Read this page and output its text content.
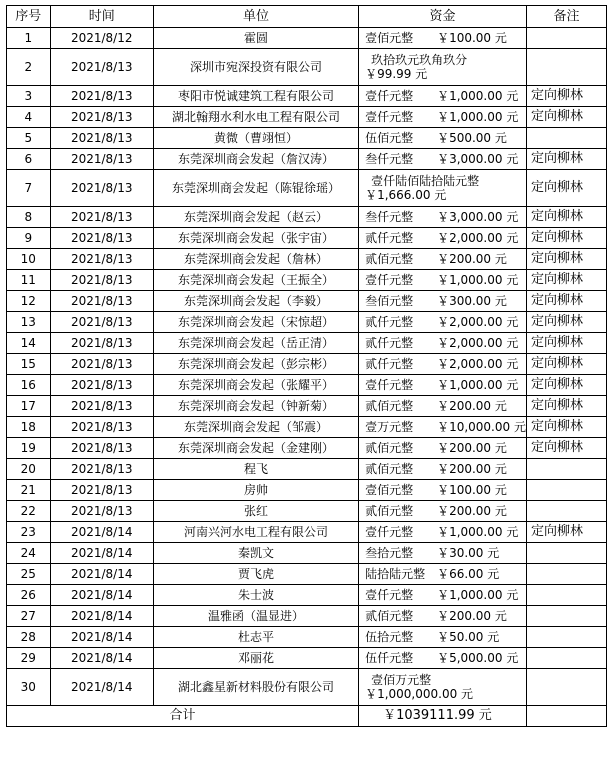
序号	时间	单位	资金	备注
1	2021/8/12	霍圆	壹佰元整 ￥100.00 元	
2	2021/8/13	深圳市宛深投资有限公司	玖拾玖元玖角玖分
￥99.99 元	

3	2021/8/13	枣阳市悦诚建筑工程有限公司	壹仟元整 ￥1,000.00 元	定向柳林
4	2021/8/13	湖北翰翔水利水电工程有限公司	壹仟元整 ￥1,000.00 元	定向柳林
5	2021/8/13	黄微（曹翊恒）	伍佰元整 ￥500.00 元	
6	2021/8/13	东莞深圳商会发起（詹汉涛）	叁仟元整 ￥3,000.00 元	定向柳林
7	2021/8/13	东莞深圳商会发起（陈锟徐瑶）	壹仟陆佰陆拾陆元整
￥1,666.00 元	定向柳林
8	2021/8/13	东莞深圳商会发起（赵云）	叁仟元整 ￥3,000.00 元	定向柳林
9	2021/8/13	东莞深圳商会发起（张宇宙）	贰仟元整 ￥2,000.00 元	定向柳林
10	2021/8/13	东莞深圳商会发起（詹林）	贰佰元整 ￥200.00 元	定向柳林
11	2021/8/13	东莞深圳商会发起（王振全）	壹仟元整 ￥1,000.00 元	定向柳林
12	2021/8/13	东莞深圳商会发起（李毅）	叁佰元整 ￥300.00 元	定向柳林
13	2021/8/13	东莞深圳商会发起（宋惊超）	贰仟元整 ￥2,000.00 元	定向柳林
14	2021/8/13	东莞深圳商会发起（岳正清）	贰仟元整 ￥2,000.00 元	定向柳林
15	2021/8/13	东莞深圳商会发起（彭宗彬）	贰仟元整 ￥2,000.00 元	定向柳林
16	2021/8/13	东莞深圳商会发起（张耀平）	壹仟元整 ￥1,000.00 元	定向柳林
17	2021/8/13	东莞深圳商会发起（钟新菊）	贰佰元整 ￥200.00 元	定向柳林
18	2021/8/13	东莞深圳商会发起（邹震）	壹万元整 ￥10,000.00 元	定向柳林
19	2021/8/13	东莞深圳商会发起（金建刚）	贰佰元整 ￥200.00 元	定向柳林
20	2021/8/13	程飞	贰佰元整 ￥200.00 元	
21	2021/8/13	房帅	壹佰元整 ￥100.00 元	
22	2021/8/13	张红	贰佰元整 ￥200.00 元	
23	2021/8/14	河南兴河水电工程有限公司	壹仟元整 ￥1,000.00 元	定向柳林
24	2021/8/14	秦凯文	叁拾元整 ￥30.00 元	
25	2021/8/14	贾飞虎	陆拾陆元整 ￥66.00 元	
26	2021/8/14	朱士波	壹仟元整 ￥1,000.00 元	
27	2021/8/14	温雅函（温显进）	贰佰元整 ￥200.00 元	
28	2021/8/14	杜志平	伍拾元整 ￥50.00 元	
29	2021/8/14	邓丽花	伍仟元整 ￥5,000.00 元	
30	2021/8/14	湖北鑫星新材料股份有限公司	壹佰万元整
￥1,000,000.00 元	

合计			￥1039111.99 元	
